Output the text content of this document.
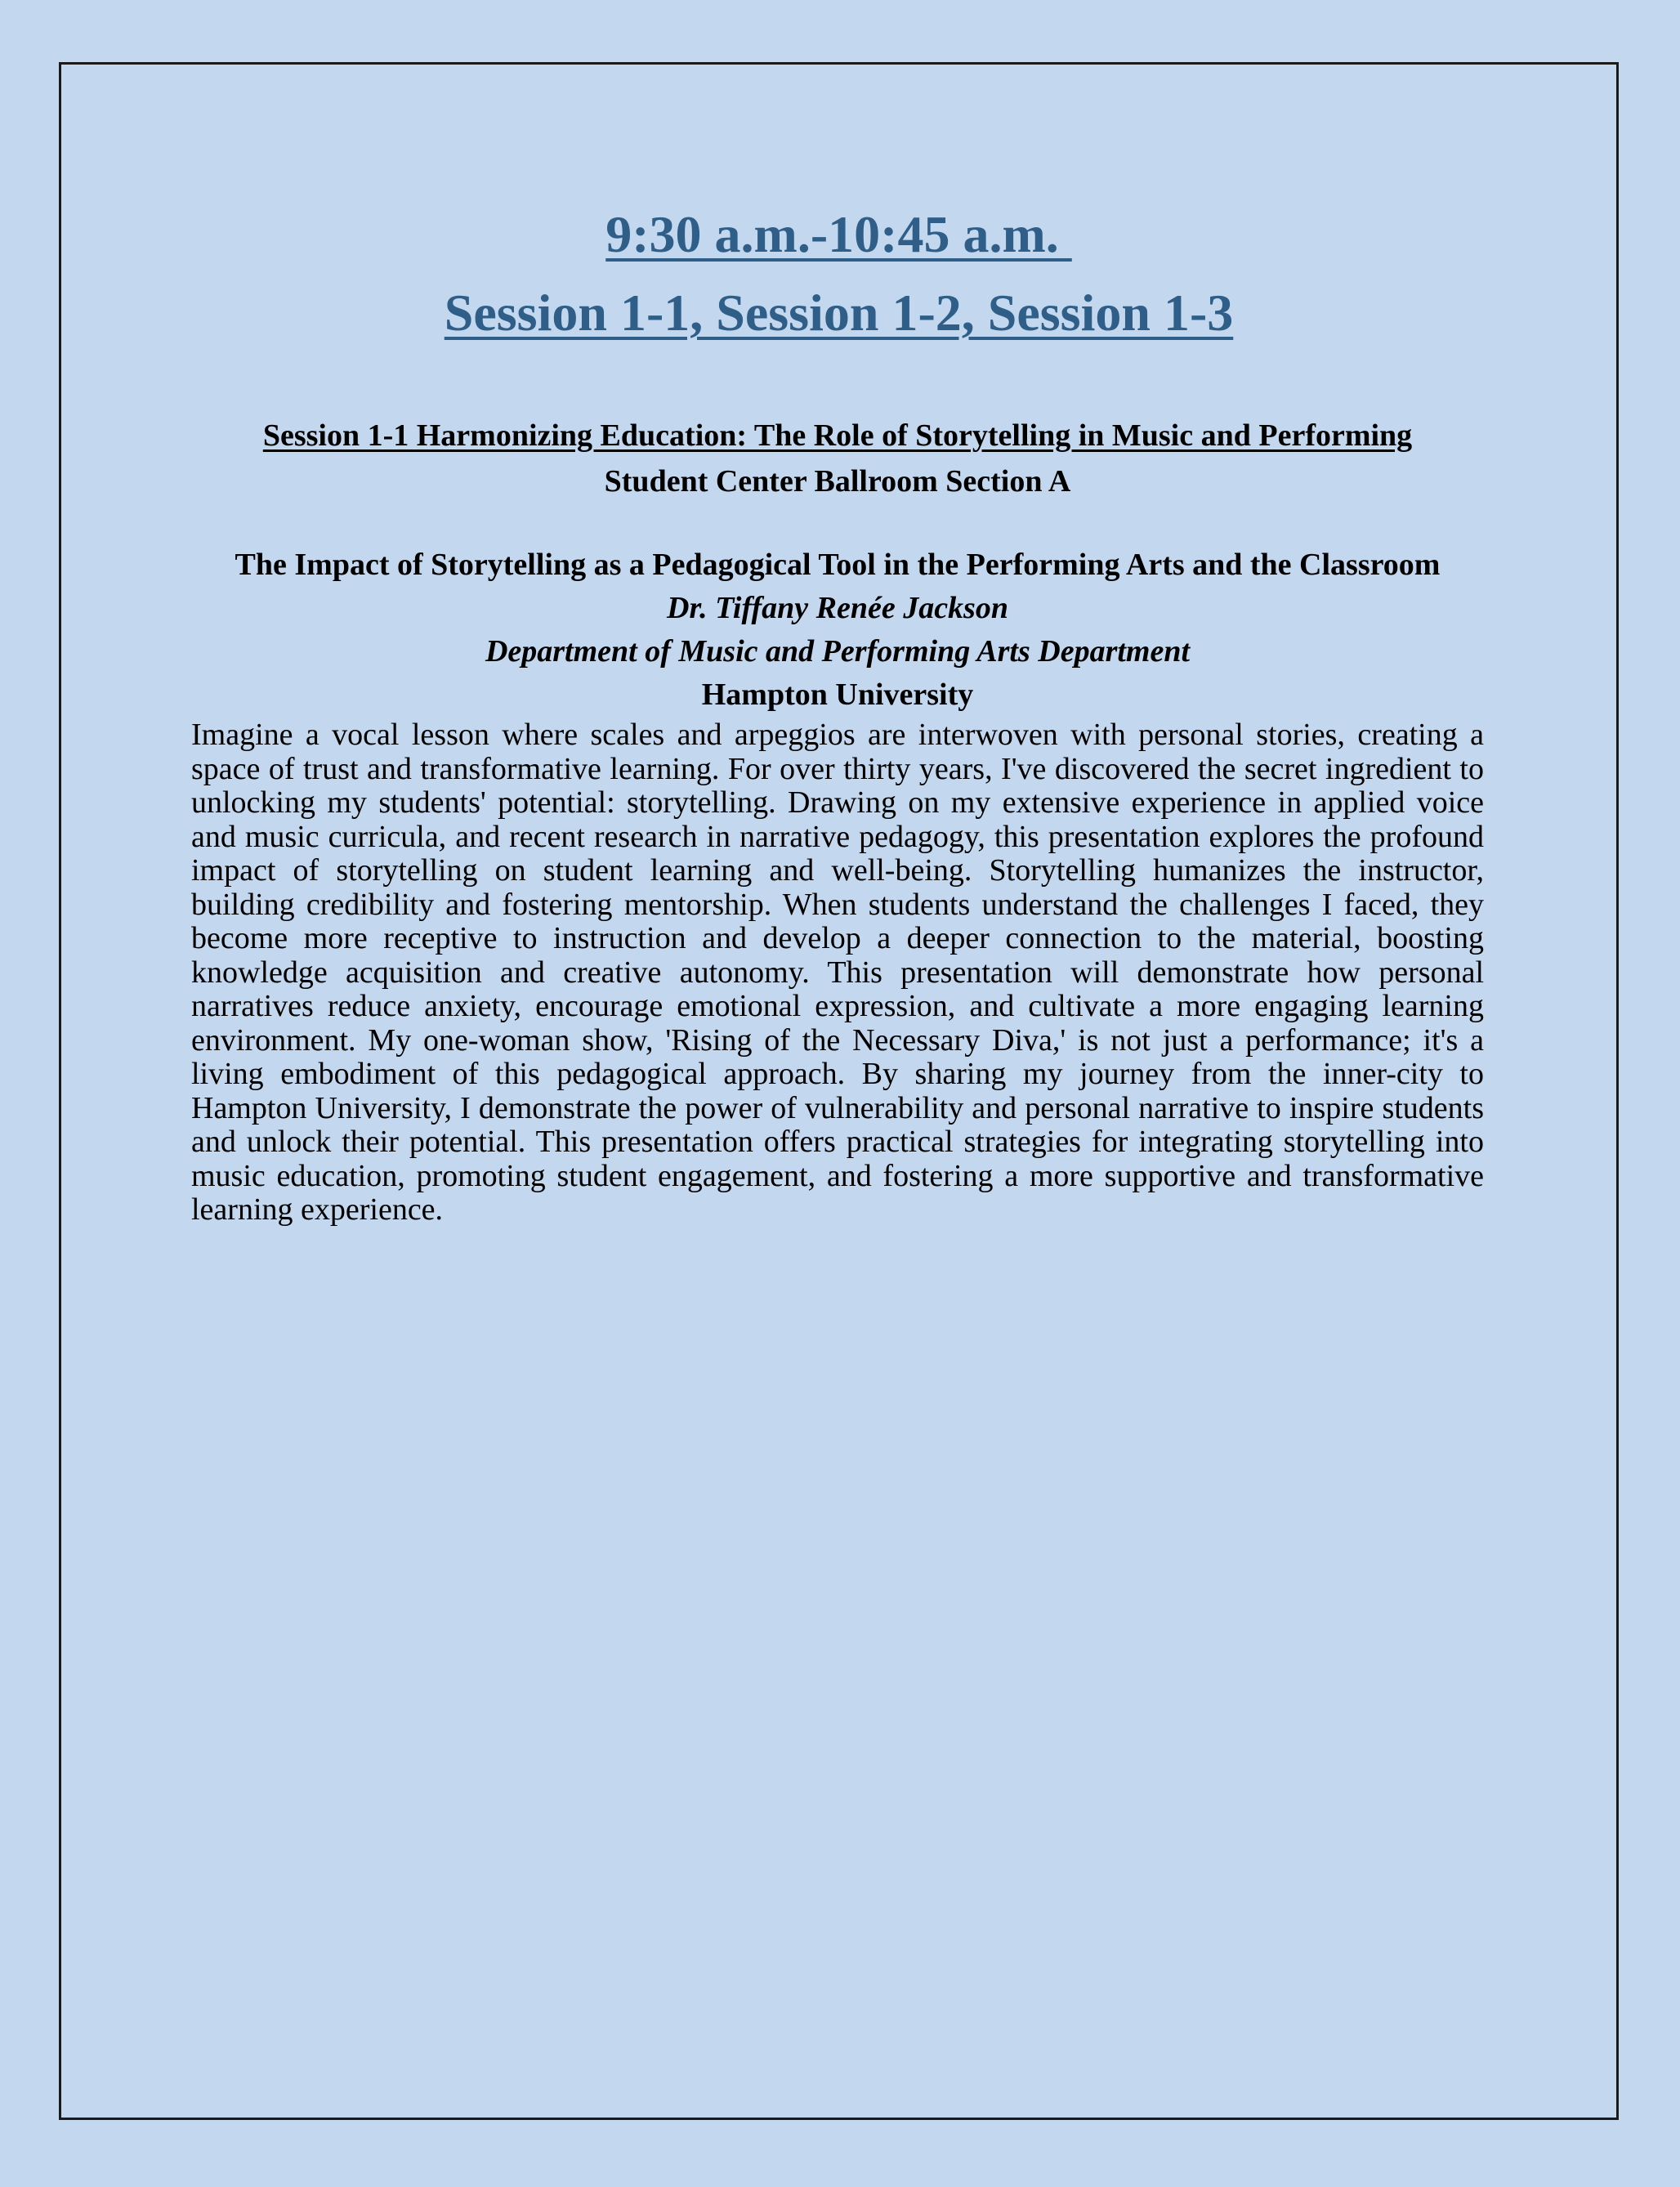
9:30 a.m.-10:45 a.m.
Session 1-1, Session 1-2, Session 1-3
Session 1-1 Harmonizing Education: The Role of Storytelling in Music and Performing
Student Center Ballroom Section A
The Impact of Storytelling as a Pedagogical Tool in the Performing Arts and the Classroom
Dr. Tiffany Renée Jackson
Department of Music and Performing Arts Department
Hampton University
Imagine a vocal lesson where scales and arpeggios are interwoven with personal stories, creating a space of trust and transformative learning. For over thirty years, I've discovered the secret ingredient to unlocking my students' potential: storytelling. Drawing on my extensive experience in applied voice and music curricula, and recent research in narrative pedagogy, this presentation explores the profound impact of storytelling on student learning and well-being. Storytelling humanizes the instructor, building credibility and fostering mentorship. When students understand the challenges I faced, they become more receptive to instruction and develop a deeper connection to the material, boosting knowledge acquisition and creative autonomy. This presentation will demonstrate how personal narratives reduce anxiety, encourage emotional expression, and cultivate a more engaging learning environment. My one-woman show, 'Rising of the Necessary Diva,' is not just a performance; it's a living embodiment of this pedagogical approach. By sharing my journey from the inner-city to Hampton University, I demonstrate the power of vulnerability and personal narrative to inspire students and unlock their potential. This presentation offers practical strategies for integrating storytelling into music education, promoting student engagement, and fostering a more supportive and transformative learning experience.
